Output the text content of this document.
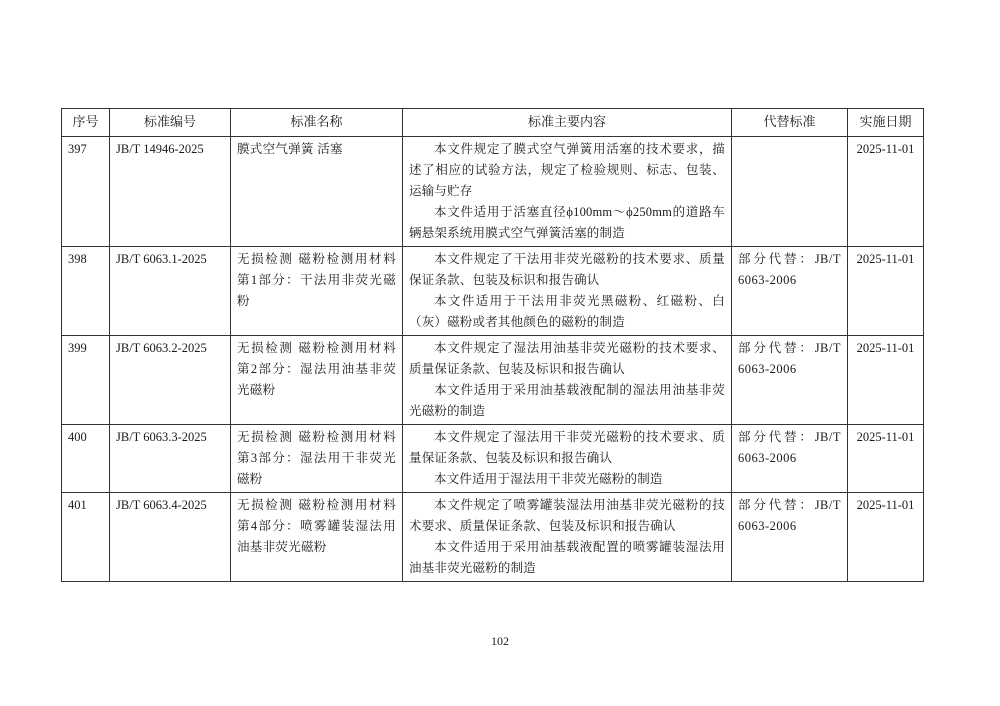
序号	标准编号	标准名称	标准主要内容	代替标准	实施日期
397	JB/T 14946-2025	膜式空气弹簧 活塞	本文件规定了膜式空气弹簧用活塞的技术要求，描述了相应的试验方法，规定了检验规则、标志、包装、运输与贮存

本文件适用于活塞直径ϕ100mm～ϕ250mm的道路车辆悬架系统用膜式空气弹簧活塞的制造		2025-11-01
398	JB/T 6063.1-2025	无损检测 磁粉检测用材料 第1部分：干法用非荧光磁粉	本文件规定了干法用非荧光磁粉的技术要求、质量保证条款、包装及标识和报告确认

本文件适用于干法用非荧光黑磁粉、红磁粉、白（灰）磁粉或者其他颜色的磁粉的制造	部分代替：JB/T 6063-2006	2025-11-01
399	JB/T 6063.2-2025	无损检测 磁粉检测用材料 第2部分：湿法用油基非荧光磁粉	本文件规定了湿法用油基非荧光磁粉的技术要求、质量保证条款、包装及标识和报告确认

本文件适用于采用油基载液配制的湿法用油基非荧光磁粉的制造	部分代替：JB/T 6063-2006	2025-11-01
400	JB/T 6063.3-2025	无损检测 磁粉检测用材料 第3部分：湿法用干非荧光磁粉	本文件规定了湿法用干非荧光磁粉的技术要求、质量保证条款、包装及标识和报告确认

本文件适用于湿法用干非荧光磁粉的制造	部分代替：JB/T 6063-2006	2025-11-01
401	JB/T 6063.4-2025	无损检测 磁粉检测用材料 第4部分：喷雾罐装湿法用油基非荧光磁粉	本文件规定了喷雾罐装湿法用油基非荧光磁粉的技术要求、质量保证条款、包装及标识和报告确认

本文件适用于采用油基载液配置的喷雾罐装湿法用油基非荧光磁粉的制造	部分代替：JB/T 6063-2006	2025-11-01
102
